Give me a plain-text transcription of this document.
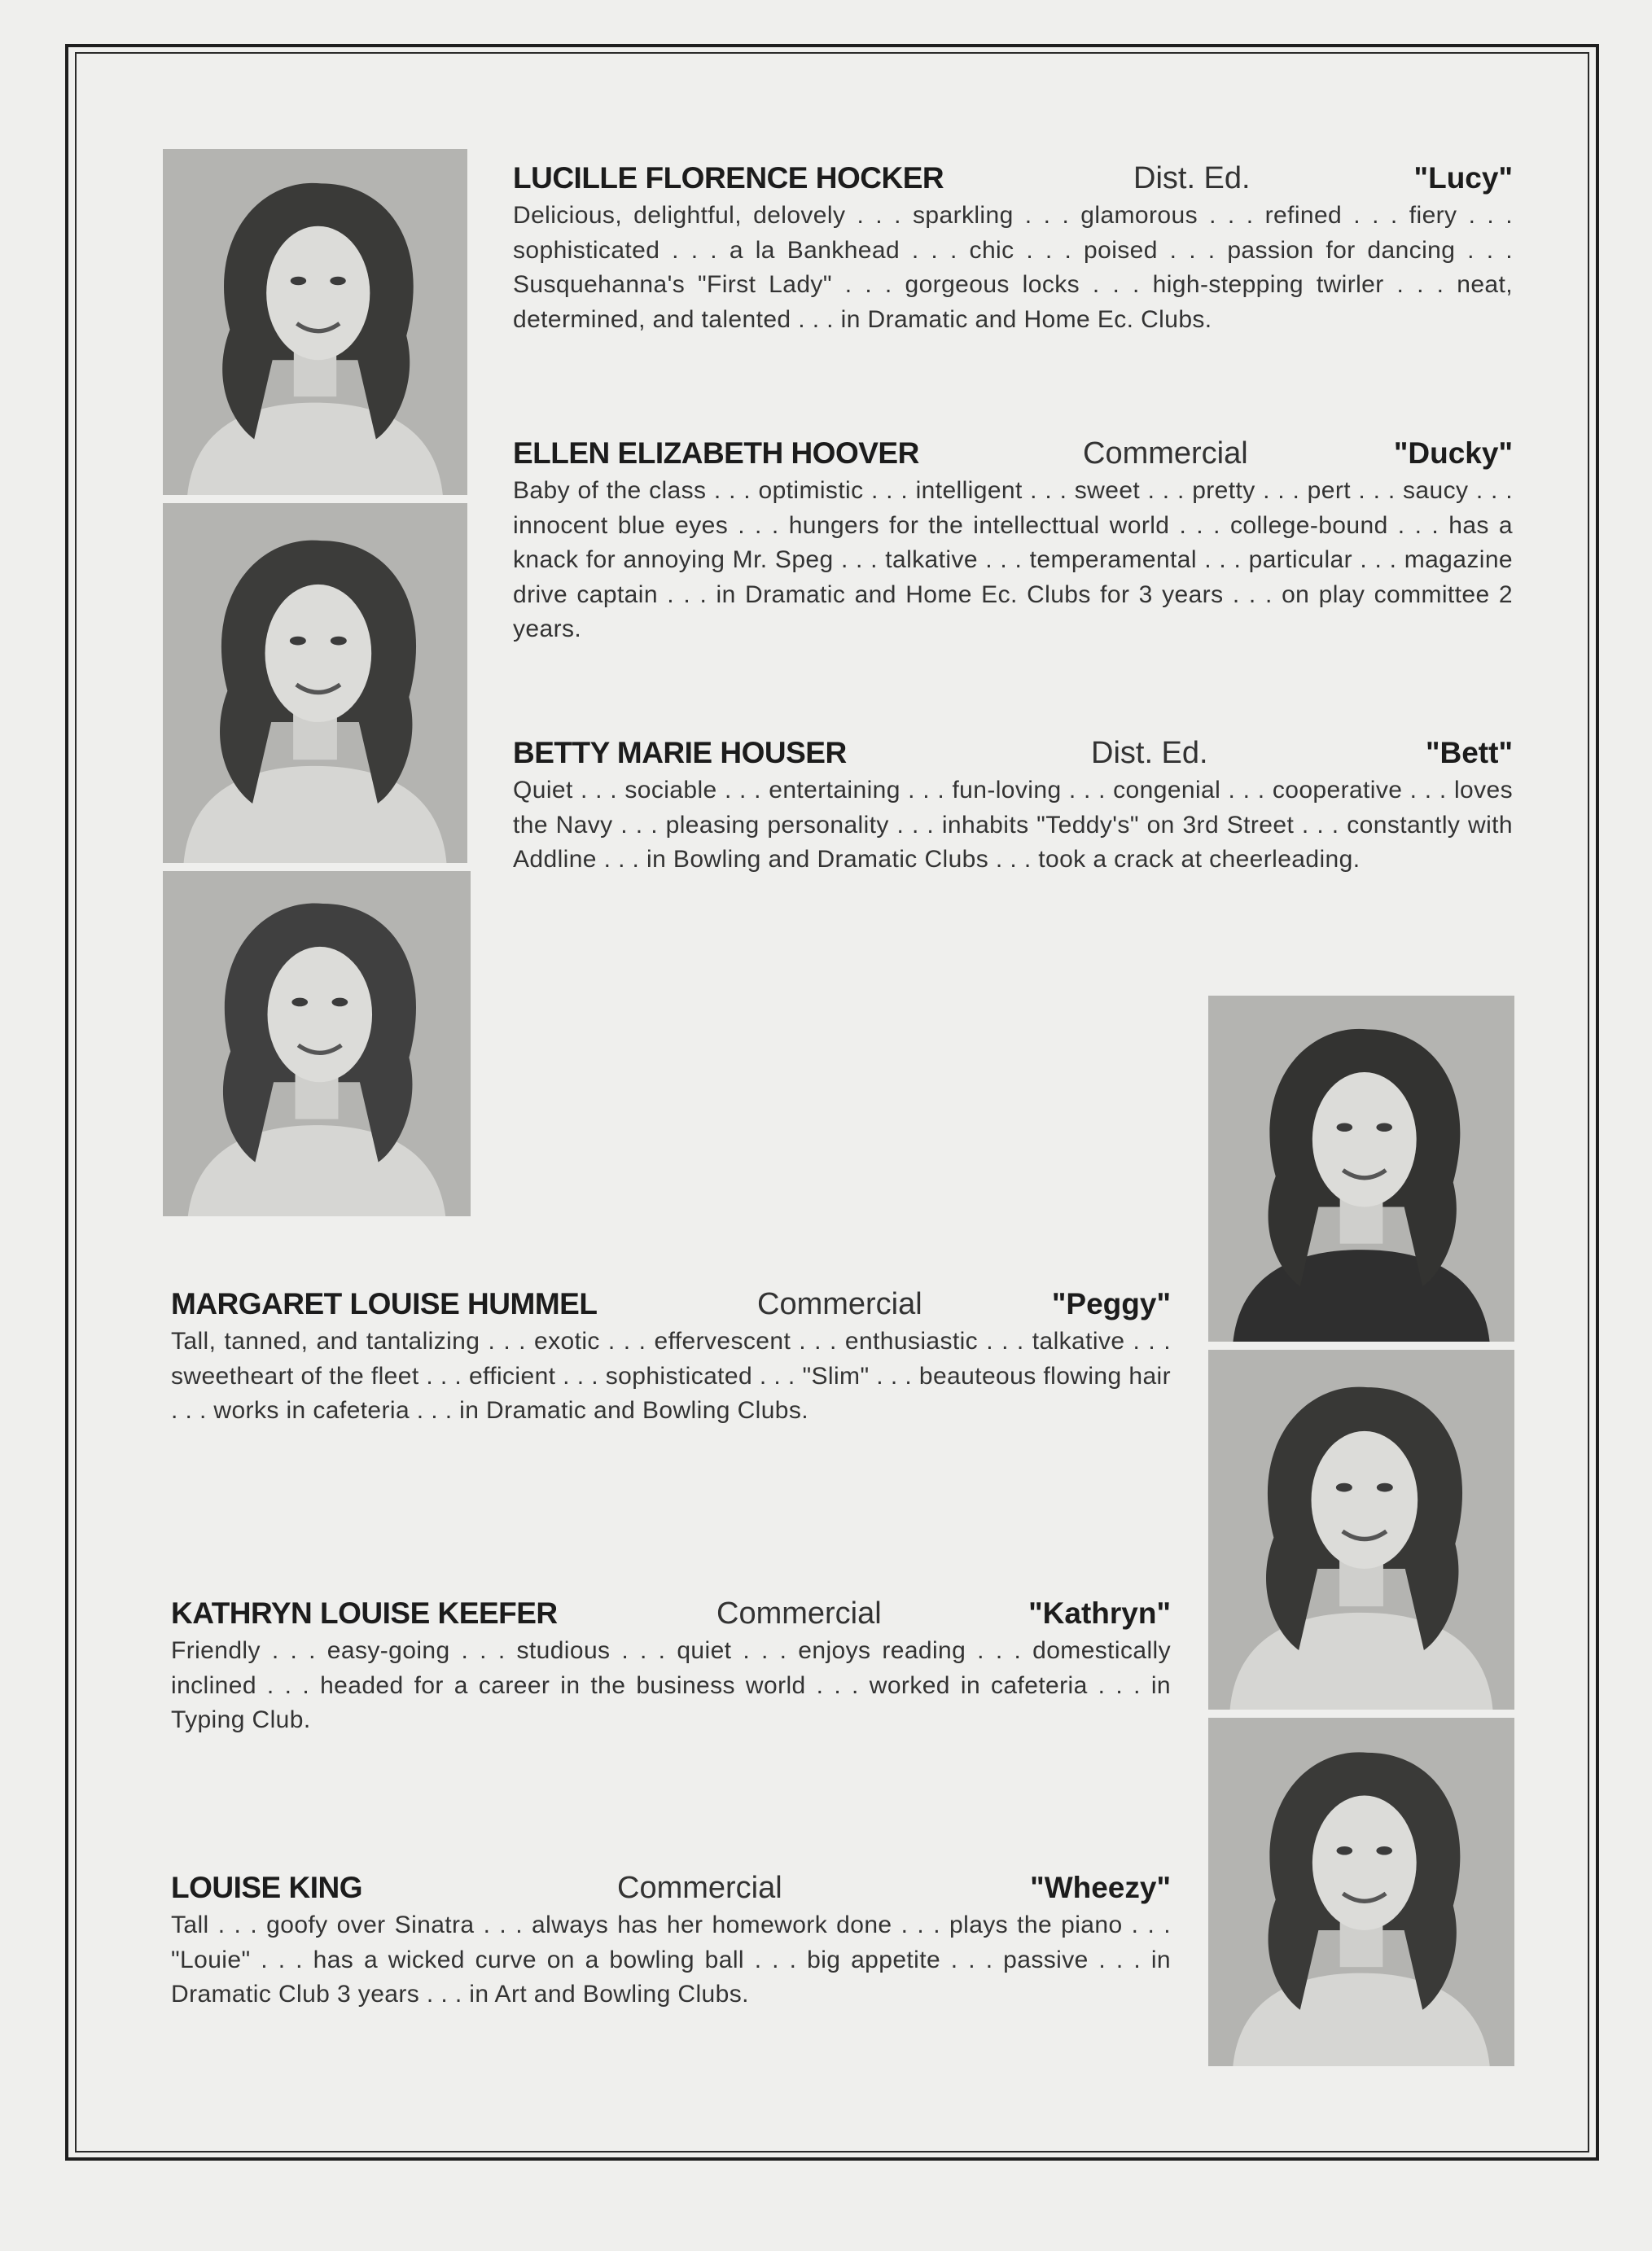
LUCILLE FLORENCE HOCKER	Dist. Ed.	"Lucy"

Delicious, delightful, delovely . . . sparkling . . . glamorous . . . refined . . . fiery . . . sophisticated . . . a la Bankhead . . . chic . . . poised . . . passion for dancing . . . Susquehanna's "First Lady" . . . gorgeous locks . . . high-stepping twirler . . . neat, determined, and talented . . . in Dramatic and Home Ec. Clubs.

ELLEN ELIZABETH HOOVER	Commercial	"Ducky"

Baby of the class . . . optimistic . . . intelligent . . . sweet . . . pretty . . . pert . . . saucy . . . innocent blue eyes . . . hungers for the intellecttual world . . . college-bound . . . has a knack for annoying Mr. Speg . . . talkative . . . temperamental . . . particular . . . magazine drive captain . . . in Dramatic and Home Ec. Clubs for 3 years . . . on play committee 2 years.

BETTY MARIE HOUSER	Dist. Ed.	"Bett"

Quiet . . . sociable . . . entertaining . . . fun-loving . . . congenial . . . cooperative . . . loves the Navy . . . pleasing personality . . . inhabits "Teddy's" on 3rd Street . . . constantly with Addline . . . in Bowling and Dramatic Clubs . . . took a crack at cheerleading.

MARGARET LOUISE HUMMEL	Commercial	"Peggy"

Tall, tanned, and tantalizing . . . exotic . . . effervescent . . . enthusiastic . . . talkative . . . sweetheart of the fleet . . . efficient . . . sophisticated . . . "Slim" . . . beauteous flowing hair . . . works in cafeteria . . . in Dramatic and Bowling Clubs.

KATHRYN LOUISE KEEFER	Commercial	"Kathryn"

Friendly . . . easy-going . . . studious . . . quiet . . . enjoys reading . . . domestically inclined . . . headed for a career in the business world . . . worked in cafeteria . . . in Typing Club.

LOUISE KING	Commercial	"Wheezy"

Tall . . . goofy over Sinatra . . . always has her homework done . . . plays the piano . . . "Louie" . . . has a wicked curve on a bowling ball . . . big appetite . . . passive . . . in Dramatic Club 3 years . . . in Art and Bowling Clubs.
